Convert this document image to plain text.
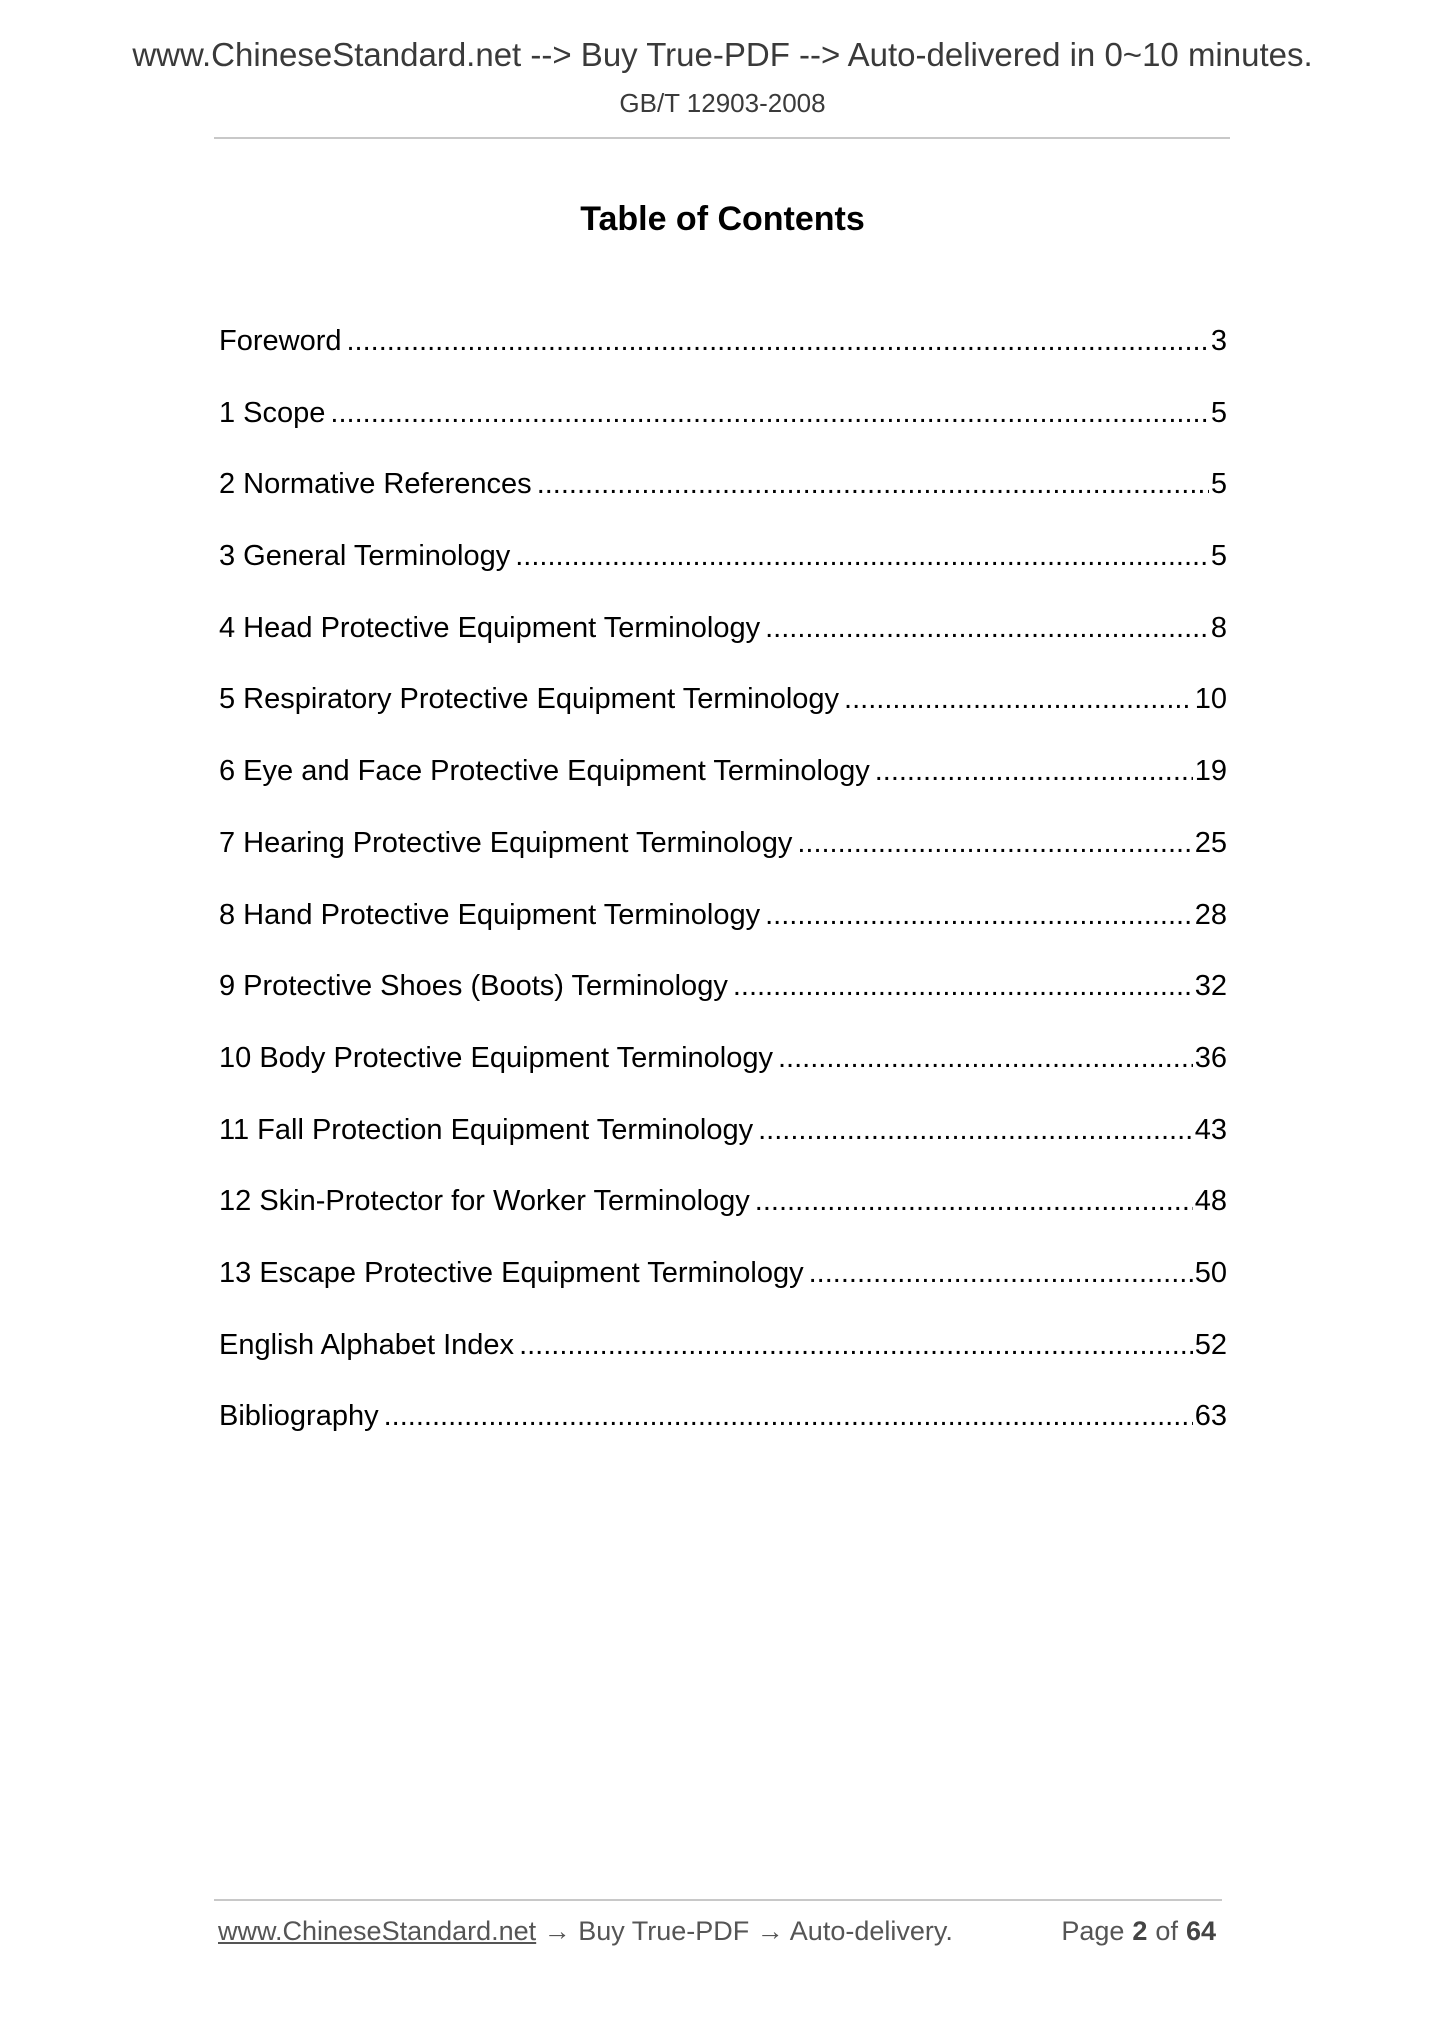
www.ChineseStandard.net --> Buy True-PDF --> Auto-delivered in 0~10 minutes.
GB/T 12903-2008
Table of Contents
Foreword .....	3
1 Scope .....	5
2 Normative References .....	5
3 General Terminology .....	5
4 Head Protective Equipment Terminology .....	8
5 Respiratory Protective Equipment Terminology .....	10
6 Eye and Face Protective Equipment Terminology .....	19
7 Hearing Protective Equipment Terminology .....	25
8 Hand Protective Equipment Terminology .....	28
9 Protective Shoes (Boots) Terminology .....	32
10 Body Protective Equipment Terminology .....	36
11 Fall Protection Equipment Terminology .....	43
12 Skin-Protector for Worker Terminology .....	48
13 Escape Protective Equipment Terminology .....	50
English Alphabet Index .....	52
Bibliography .....	63
www.ChineseStandard.net → Buy True-PDF → Auto-delivery.	Page 2 of 64
